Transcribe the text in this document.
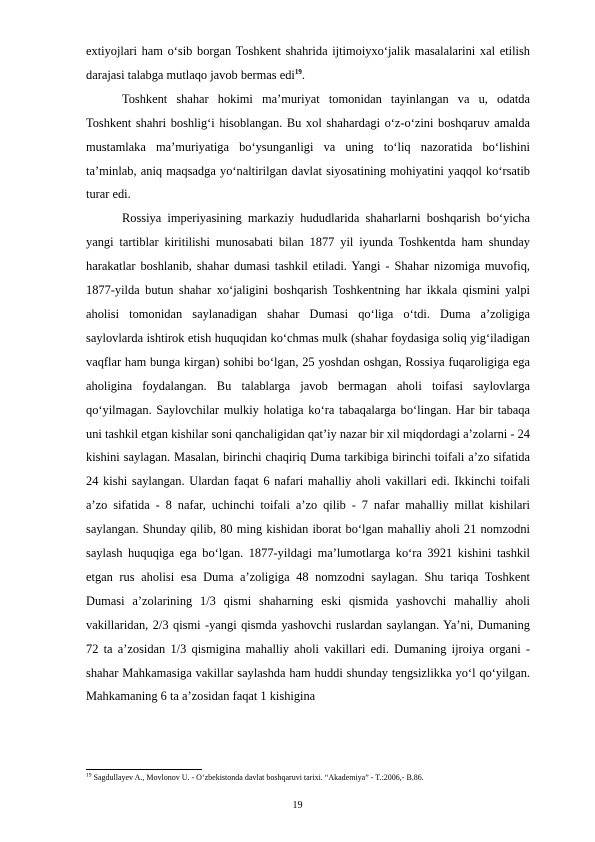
extiyojlari ham o‘sib borgan Toshkent shahrida ijtimoiyxo‘jalik masalalarini xal etilish darajasi talabga mutlaqo javob bermas edi$^{19}$.

Toshkent shahar hokimi ma’muriyat tomonidan tayinlangan va u, odatda Toshkent shahri boshlig‘i hisoblangan. Bu xol shahardagi o‘z-o‘zini boshqaruv amalda mustamlaka ma’muriyatiga bo‘ysunganligi va uning to‘liq nazoratida bo‘lishini ta’minlab, aniq maqsadga yo‘naltirilgan davlat siyosatining mohiyatini yaqqol ko‘rsatib turar edi.

Rossiya imperiyasining markaziy hududlarida shaharlarni boshqarish bo‘yicha yangi tartiblar kiritilishi munosabati bilan 1877 yil iyunda Toshkentda ham shunday harakatlar boshlanib, shahar dumasi tashkil etiladi. Yangi - Shahar nizomiga muvofiq, 1877-yilda butun shahar xo‘jaligini boshqarish Toshkentning har ikkala qismini yalpi aholisi tomonidan saylanadigan shahar Dumasi qo‘liga o‘tdi. Duma a’zoligiga saylovlarda ishtirok etish huquqidan ko‘chmas mulk (shahar foydasiga soliq yig‘iladigan vaqflar ham bunga kirgan) sohibi bo‘lgan, 25 yoshdan oshgan, Rossiya fuqaroligiga ega aholigina foydalangan. Bu talablarga javob bermagan aholi toifasi saylovlarga qo‘yilmagan. Saylovchilar mulkiy holatiga ko‘ra tabaqalarga bo‘lingan. Har bir tabaqa uni tashkil etgan kishilar soni qanchaligidan qat’iy nazar bir xil miqdordagi a’zolarni - 24 kishini saylagan. Masalan, birinchi chaqiriq Duma tarkibiga birinchi toifali a’zo sifatida 24 kishi saylangan. Ulardan faqat 6 nafari mahalliy aholi vakillari edi. Ikkinchi toifali a’zo sifatida - 8 nafar, uchinchi toifali a’zo qilib - 7 nafar mahalliy millat kishilari saylangan. Shunday qilib, 80 ming kishidan iborat bo‘lgan mahalliy aholi 21 nomzodni saylash huquqiga ega bo‘lgan. 1877-yildagi ma’lumotlarga ko‘ra 3921 kishini tashkil etgan rus aholisi esa Duma a’zoligiga 48 nomzodni saylagan. Shu tariqa Toshkent Dumasi a’zolarining 1/3 qismi shaharning eski qismida yashovchi mahalliy aholi vakillaridan, 2/3 qismi -yangi qismda yashovchi ruslardan saylangan. Ya’ni, Dumaning 72 ta a’zosidan 1/3 qismigina mahalliy aholi vakillari edi. Dumaning ijroiya organi - shahar Mahkamasiga vakillar saylashda ham huddi shunday tengsizlikka yo‘l qo‘yilgan. Mahkamaning 6 ta a’zosidan faqat 1 kishigina

$^{19}$ Sagdullayev A., Movlonov U. - O‘zbekistonda davlat boshqaruvi tarixi. “Akademiya” - T.:2006,- B.86.
19
